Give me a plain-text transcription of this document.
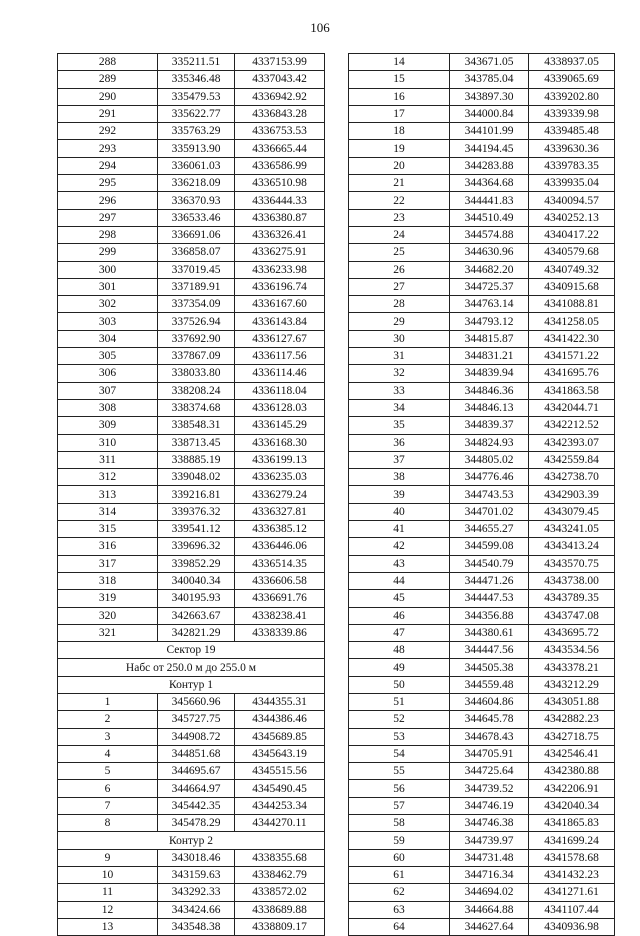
106
288	335211.51	4337153.99
289	335346.48	4337043.42
290	335479.53	4336942.92
291	335622.77	4336843.28
292	335763.29	4336753.53
293	335913.90	4336665.44
294	336061.03	4336586.99
295	336218.09	4336510.98
296	336370.93	4336444.33
297	336533.46	4336380.87
298	336691.06	4336326.41
299	336858.07	4336275.91
300	337019.45	4336233.98
301	337189.91	4336196.74
302	337354.09	4336167.60
303	337526.94	4336143.84
304	337692.90	4336127.67
305	337867.09	4336117.56
306	338033.80	4336114.46
307	338208.24	4336118.04
308	338374.68	4336128.03
309	338548.31	4336145.29
310	338713.45	4336168.30
311	338885.19	4336199.13
312	339048.02	4336235.03
313	339216.81	4336279.24
314	339376.32	4336327.81
315	339541.12	4336385.12
316	339696.32	4336446.06
317	339852.29	4336514.35
318	340040.34	4336606.58
319	340195.93	4336691.76
320	342663.67	4338238.41
321	342821.29	4338339.86
Сектор 19		
Набс от 250.0 м до 255.0 м		
Контур 1		
1	345660.96	4344355.31
2	345727.75	4344386.46
3	344908.72	4345689.85
4	344851.68	4345643.19
5	344695.67	4345515.56
6	344664.97	4345490.45
7	345442.35	4344253.34
8	345478.29	4344270.11
Контур 2		
9	343018.46	4338355.68
10	343159.63	4338462.79
11	343292.33	4338572.02
12	343424.66	4338689.88
13	343548.38	4338809.17
14	343671.05	4338937.05
15	343785.04	4339065.69
16	343897.30	4339202.80
17	344000.84	4339339.98
18	344101.99	4339485.48
19	344194.45	4339630.36
20	344283.88	4339783.35
21	344364.68	4339935.04
22	344441.83	4340094.57
23	344510.49	4340252.13
24	344574.88	4340417.22
25	344630.96	4340579.68
26	344682.20	4340749.32
27	344725.37	4340915.68
28	344763.14	4341088.81
29	344793.12	4341258.05
30	344815.87	4341422.30
31	344831.21	4341571.22
32	344839.94	4341695.76
33	344846.36	4341863.58
34	344846.13	4342044.71
35	344839.37	4342212.52
36	344824.93	4342393.07
37	344805.02	4342559.84
38	344776.46	4342738.70
39	344743.53	4342903.39
40	344701.02	4343079.45
41	344655.27	4343241.05
42	344599.08	4343413.24
43	344540.79	4343570.75
44	344471.26	4343738.00
45	344447.53	4343789.35
46	344356.88	4343747.08
47	344380.61	4343695.72
48	344447.56	4343534.56
49	344505.38	4343378.21
50	344559.48	4343212.29
51	344604.86	4343051.88
52	344645.78	4342882.23
53	344678.43	4342718.75
54	344705.91	4342546.41
55	344725.64	4342380.88
56	344739.52	4342206.91
57	344746.19	4342040.34
58	344746.38	4341865.83
59	344739.97	4341699.24
60	344731.48	4341578.68
61	344716.34	4341432.23
62	344694.02	4341271.61
63	344664.88	4341107.44
64	344627.64	4340936.98
